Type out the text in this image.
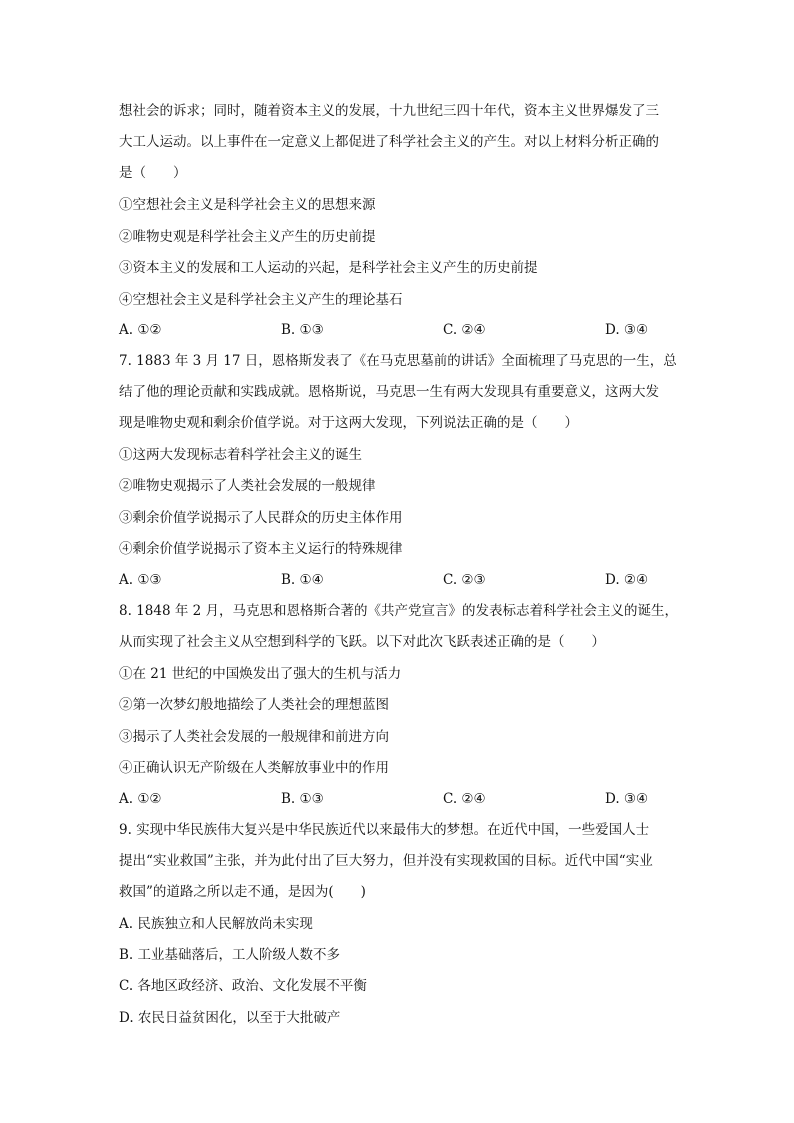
想社会的诉求；同时，随着资本主义的发展，十九世纪三四十年代，资本主义世界爆发了三
大工人运动。以上事件在一定意义上都促进了科学社会主义的产生。对以上材料分析正确的
是（　　）
①空想社会主义是科学社会主义的思想来源
②唯物史观是科学社会主义产生的历史前提
③资本主义的发展和工人运动的兴起，是科学社会主义产生的历史前提
④空想社会主义是科学社会主义产生的理论基石
A. ①②	B. ①③	C. ②④	D. ③④
7. 1883 年 3 月 17 日，恩格斯发表了《在马克思墓前的讲话》全面梳理了马克思的一生，总
结了他的理论贡献和实践成就。恩格斯说，马克思一生有两大发现具有重要意义，这两大发
现是唯物史观和剩余价值学说。对于这两大发现，下列说法正确的是（　　）
①这两大发现标志着科学社会主义的诞生
②唯物史观揭示了人类社会发展的一般规律
③剩余价值学说揭示了人民群众的历史主体作用
④剩余价值学说揭示了资本主义运行的特殊规律
A. ①③	B. ①④	C. ②③	D. ②④
8. 1848 年 2 月，马克思和恩格斯合著的《共产党宣言》的发表标志着科学社会主义的诞生，
从而实现了社会主义从空想到科学的飞跃。以下对此次飞跃表述正确的是（　　）
①在 21 世纪的中国焕发出了强大的生机与活力
②第一次梦幻般地描绘了人类社会的理想蓝图
③揭示了人类社会发展的一般规律和前进方向
④正确认识无产阶级在人类解放事业中的作用
A. ①②	B. ①③	C. ②④	D. ③④
9. 实现中华民族伟大复兴是中华民族近代以来最伟大的梦想。在近代中国，一些爱国人士
提出“实业救国”主张，并为此付出了巨大努力，但并没有实现救国的目标。近代中国“实业
救国”的道路之所以走不通，是因为(　　)
A. 民族独立和人民解放尚未实现
B. 工业基础落后，工人阶级人数不多
C. 各地区政经济、政治、文化发展不平衡
D. 农民日益贫困化，以至于大批破产
